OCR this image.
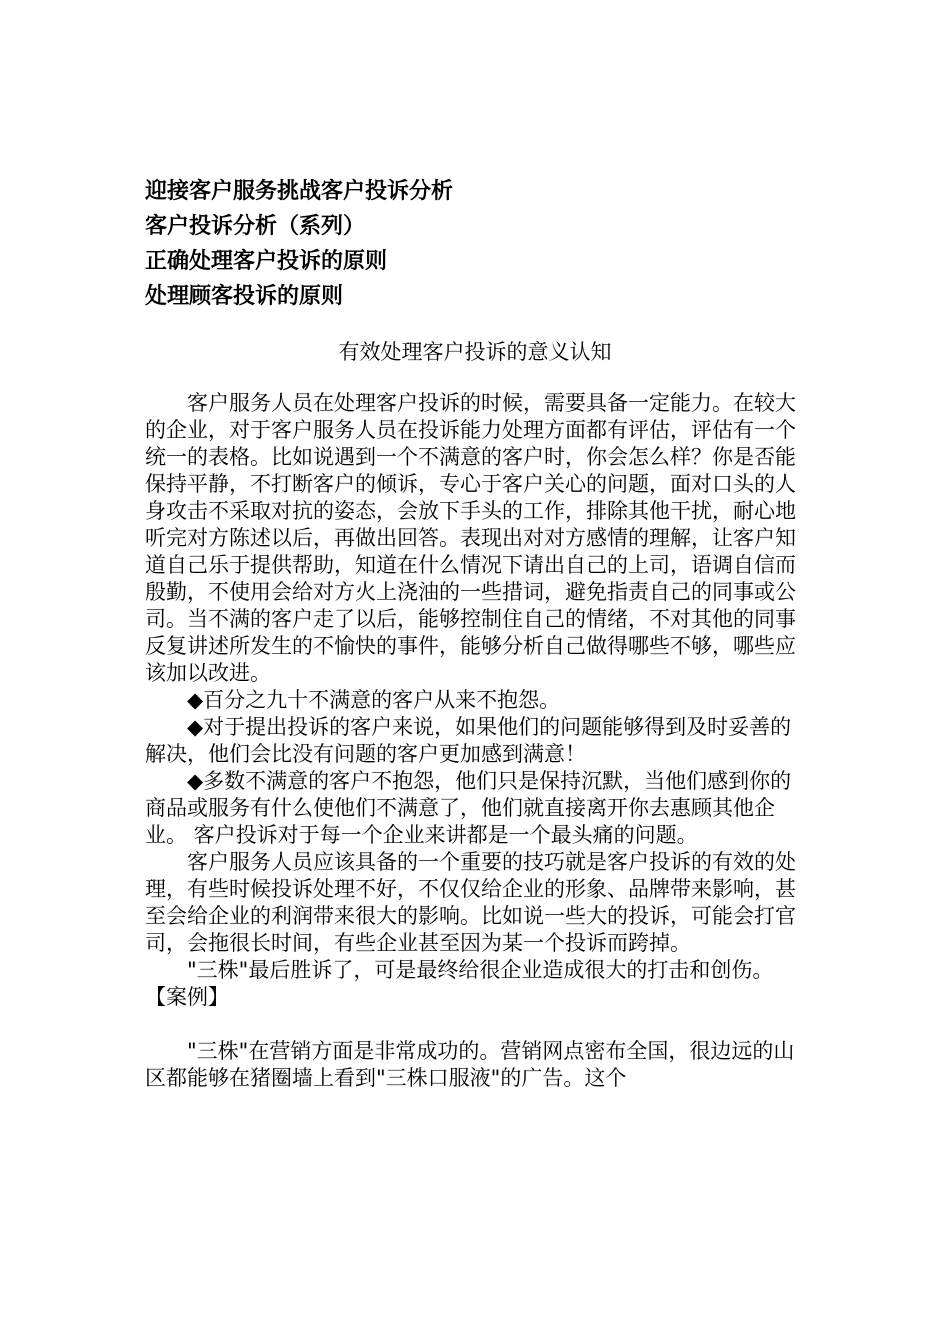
迎接客户服务挑战客户投诉分析
客户投诉分析（系列）
正确处理客户投诉的原则
处理顾客投诉的原则
有效处理客户投诉的意义认知

客户服务人员在处理客户投诉的时候，需要具备一定能力。在较大的企业，对于客户服务人员在投诉能力处理方面都有评估，评估有一个统一的表格。比如说遇到一个不满意的客户时，你会怎么样？你是否能保持平静，不打断客户的倾诉，专心于客户关心的问题，面对口头的人身攻击不采取对抗的姿态，会放下手头的工作，排除其他干扰，耐心地听完对方陈述以后，再做出回答。表现出对对方感情的理解，让客户知道自己乐于提供帮助，知道在什么情况下请出自己的上司，语调自信而殷勤，不使用会给对方火上浇油的一些措词，避免指责自己的同事或公司。当不满的客户走了以后，能够控制住自己的情绪，不对其他的同事反复讲述所发生的不愉快的事件，能够分析自己做得哪些不够，哪些应该加以改进。

◆百分之九十不满意的客户从来不抱怨。

◆对于提出投诉的客户来说，如果他们的问题能够得到及时妥善的解决，他们会比没有问题的客户更加感到满意！

◆多数不满意的客户不抱怨，他们只是保持沉默，当他们感到你的商品或服务有什么使他们不满意了，他们就直接离开你去惠顾其他企业。 客户投诉对于每一个企业来讲都是一个最头痛的问题。

客户服务人员应该具备的一个重要的技巧就是客户投诉的有效的处理，有些时候投诉处理不好，不仅仅给企业的形象、品牌带来影响，甚至会给企业的利润带来很大的影响。比如说一些大的投诉，可能会打官司，会拖很长时间，有些企业甚至因为某一个投诉而跨掉。

"三株"最后胜诉了，可是最终给很企业造成很大的打击和创伤。

【案例】

"三株"在营销方面是非常成功的。营销网点密布全国，很边远的山区都能够在猪圈墙上看到"三株口服液"的广告。这个
